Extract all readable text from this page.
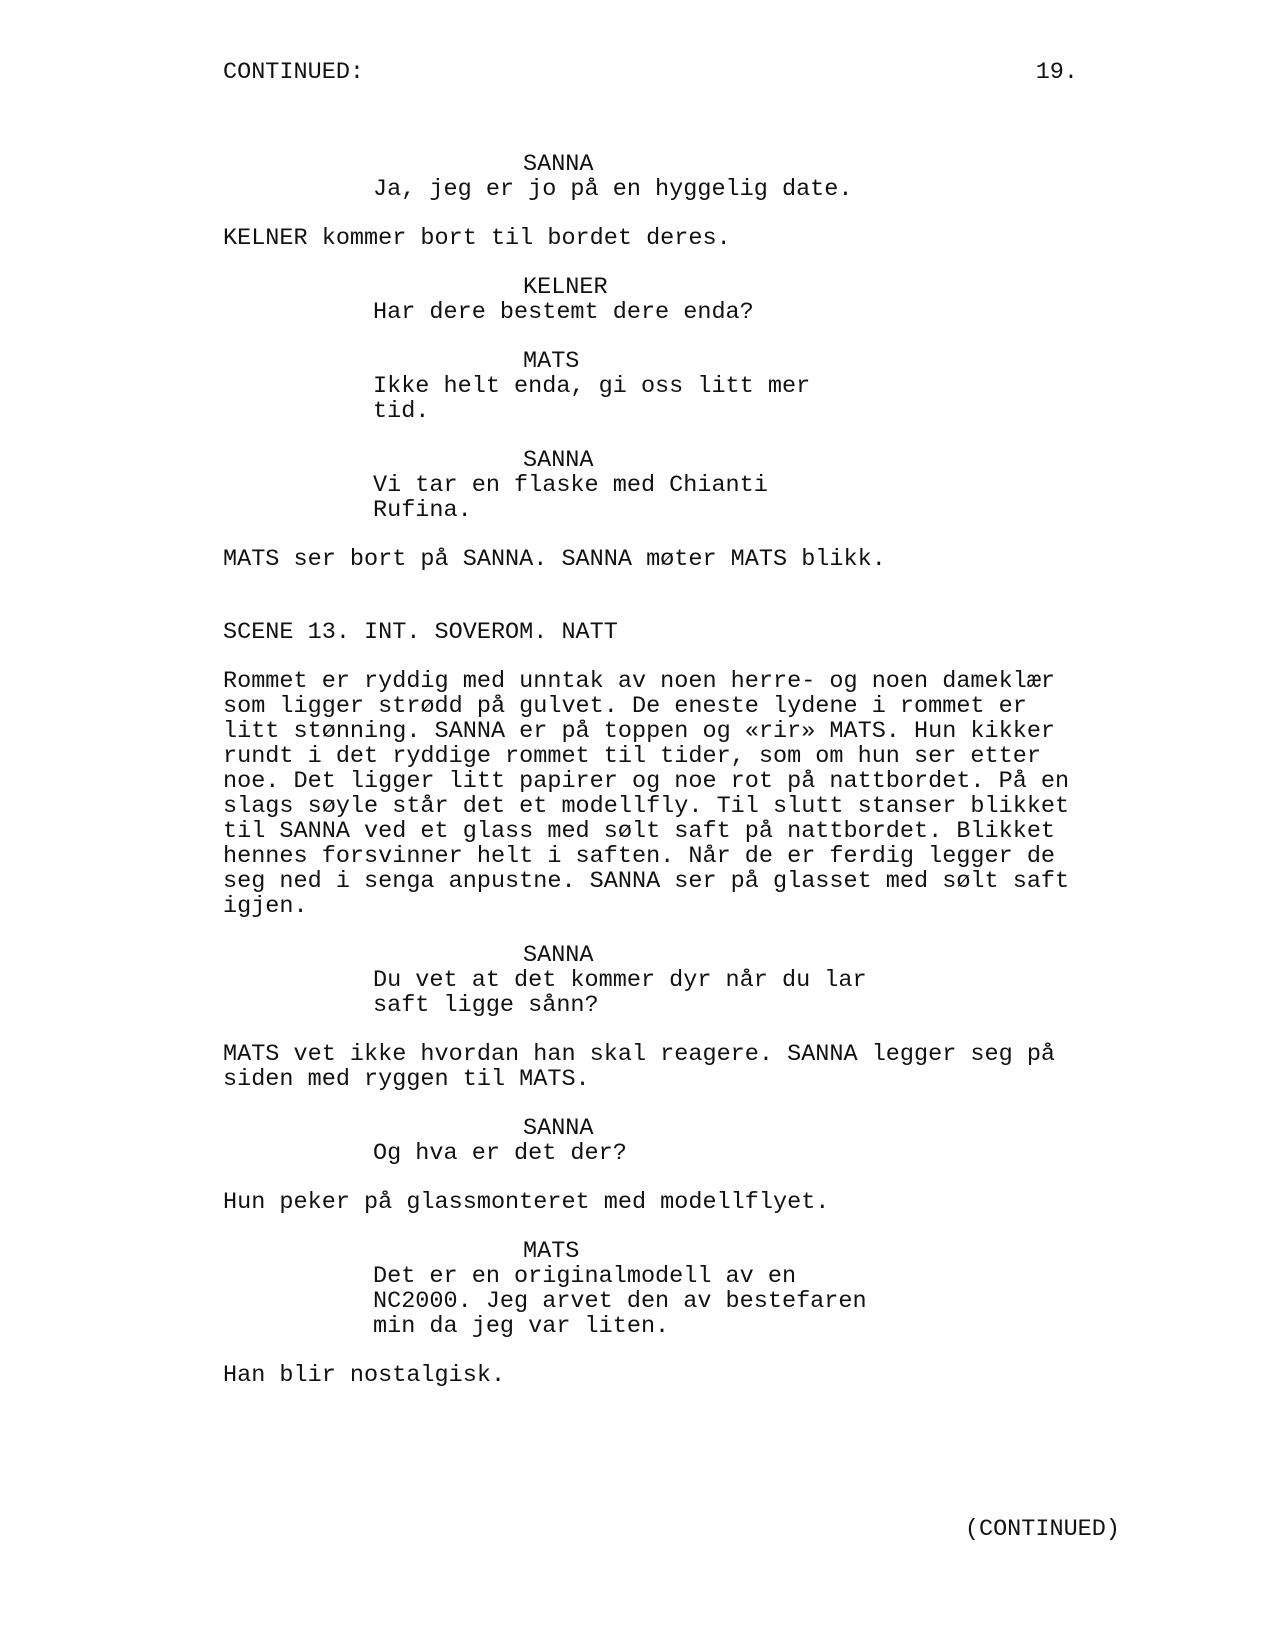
CONTINUED:	19.

SANNA

Ja, jeg er jo på en hyggelig date.

KELNER kommer bort til bordet deres.

KELNER

Har dere bestemt dere enda?

MATS

Ikke helt enda, gi oss litt mer
tid.

SANNA

Vi tar en flaske med Chianti
Rufina.

MATS ser bort på SANNA. SANNA møter MATS blikk.

SCENE 13. INT. SOVEROM. NATT

Rommet er ryddig med unntak av noen herre- og noen dameklær
som ligger strødd på gulvet. De eneste lydene i rommet er
litt stønning. SANNA er på toppen og «rir» MATS. Hun kikker
rundt i det ryddige rommet til tider, som om hun ser etter
noe. Det ligger litt papirer og noe rot på nattbordet. På en
slags søyle står det et modellfly. Til slutt stanser blikket
til SANNA ved et glass med sølt saft på nattbordet. Blikket
hennes forsvinner helt i saften. Når de er ferdig legger de
seg ned i senga anpustne. SANNA ser på glasset med sølt saft
igjen.

SANNA

Du vet at det kommer dyr når du lar
saft ligge sånn?

MATS vet ikke hvordan han skal reagere. SANNA legger seg på
siden med ryggen til MATS.

SANNA

Og hva er det der?

Hun peker på glassmonteret med modellflyet.

MATS

Det er en originalmodell av en
NC2000. Jeg arvet den av bestefaren
min da jeg var liten.

Han blir nostalgisk.

(CONTINUED)
